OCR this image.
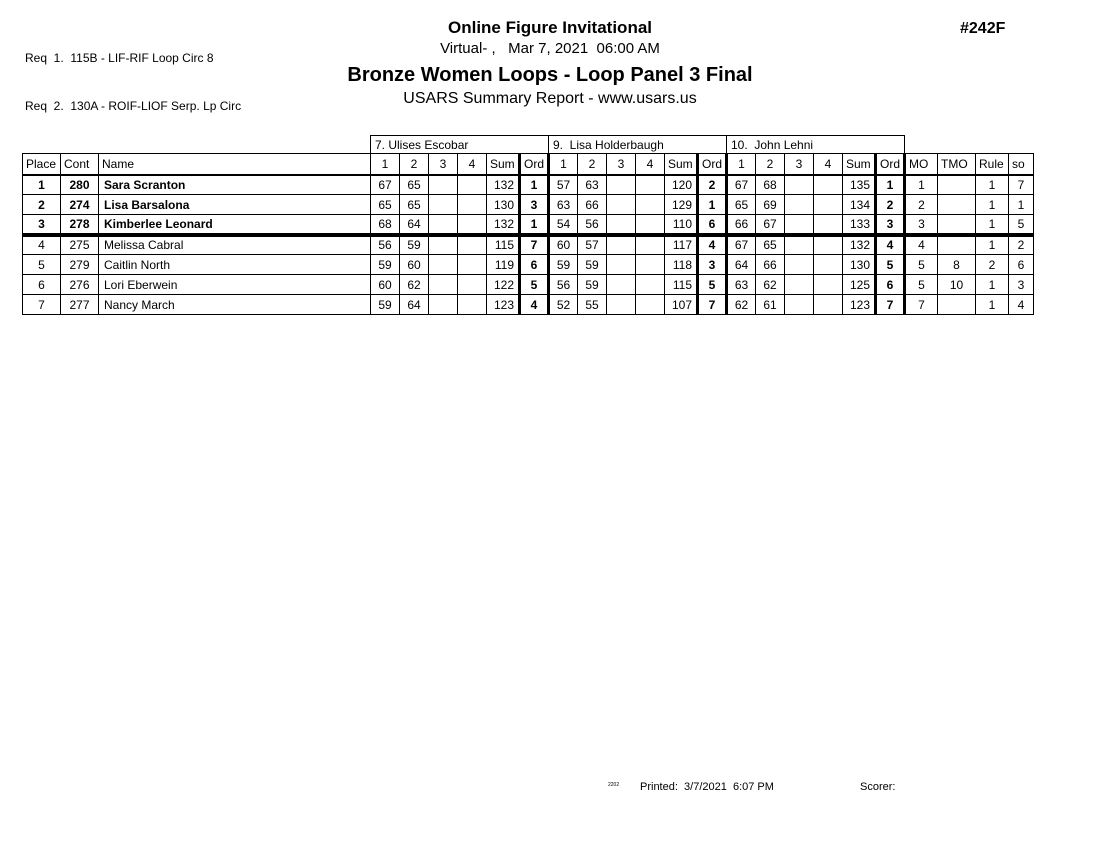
Req  1.  115B - LIF-RIF Loop Circ 8

Req  2.  130A - ROIF-LIOF Serp. Lp Circ

#242F
Online Figure Invitational
Virtual- ,   Mar 7, 2021  06:00 AM
Bronze Women Loops - Loop Panel 3 Final
USARS Summary Report - www.usars.us
			7. Ulises Escobar						9.  Lisa Holderbaugh						10.  John Lehni									
Place	Cont	Name	1	2	3	4	Sum	Ord	1	2	3	4	Sum	Ord	1	2	3	4	Sum	Ord	MO	TMO	Rule	so
1	280	Sara Scranton	67	65			132	1	57	63			120	2	67	68			135	1	1		1	7
2	274	Lisa Barsalona	65	65			130	3	63	66			129	1	65	69			134	2	2		1	1
3	278	Kimberlee Leonard	68	64			132	1	54	56			110	6	66	67			133	3	3		1	5
4	275	Melissa Cabral	56	59			115	7	60	57			117	4	67	65			132	4	4		1	2
5	279	Caitlin North	59	60			119	6	59	59			118	3	64	66			130	5	5	8	2	6
6	276	Lori Eberwein	60	62			122	5	56	59			115	5	63	62			125	6	5	10	1	3
7	277	Nancy March	59	64			123	4	52	55			107	7	62	61			123	7	7		1	4
2202 Printed:  3/7/2021  6:07 PM	Scorer:
